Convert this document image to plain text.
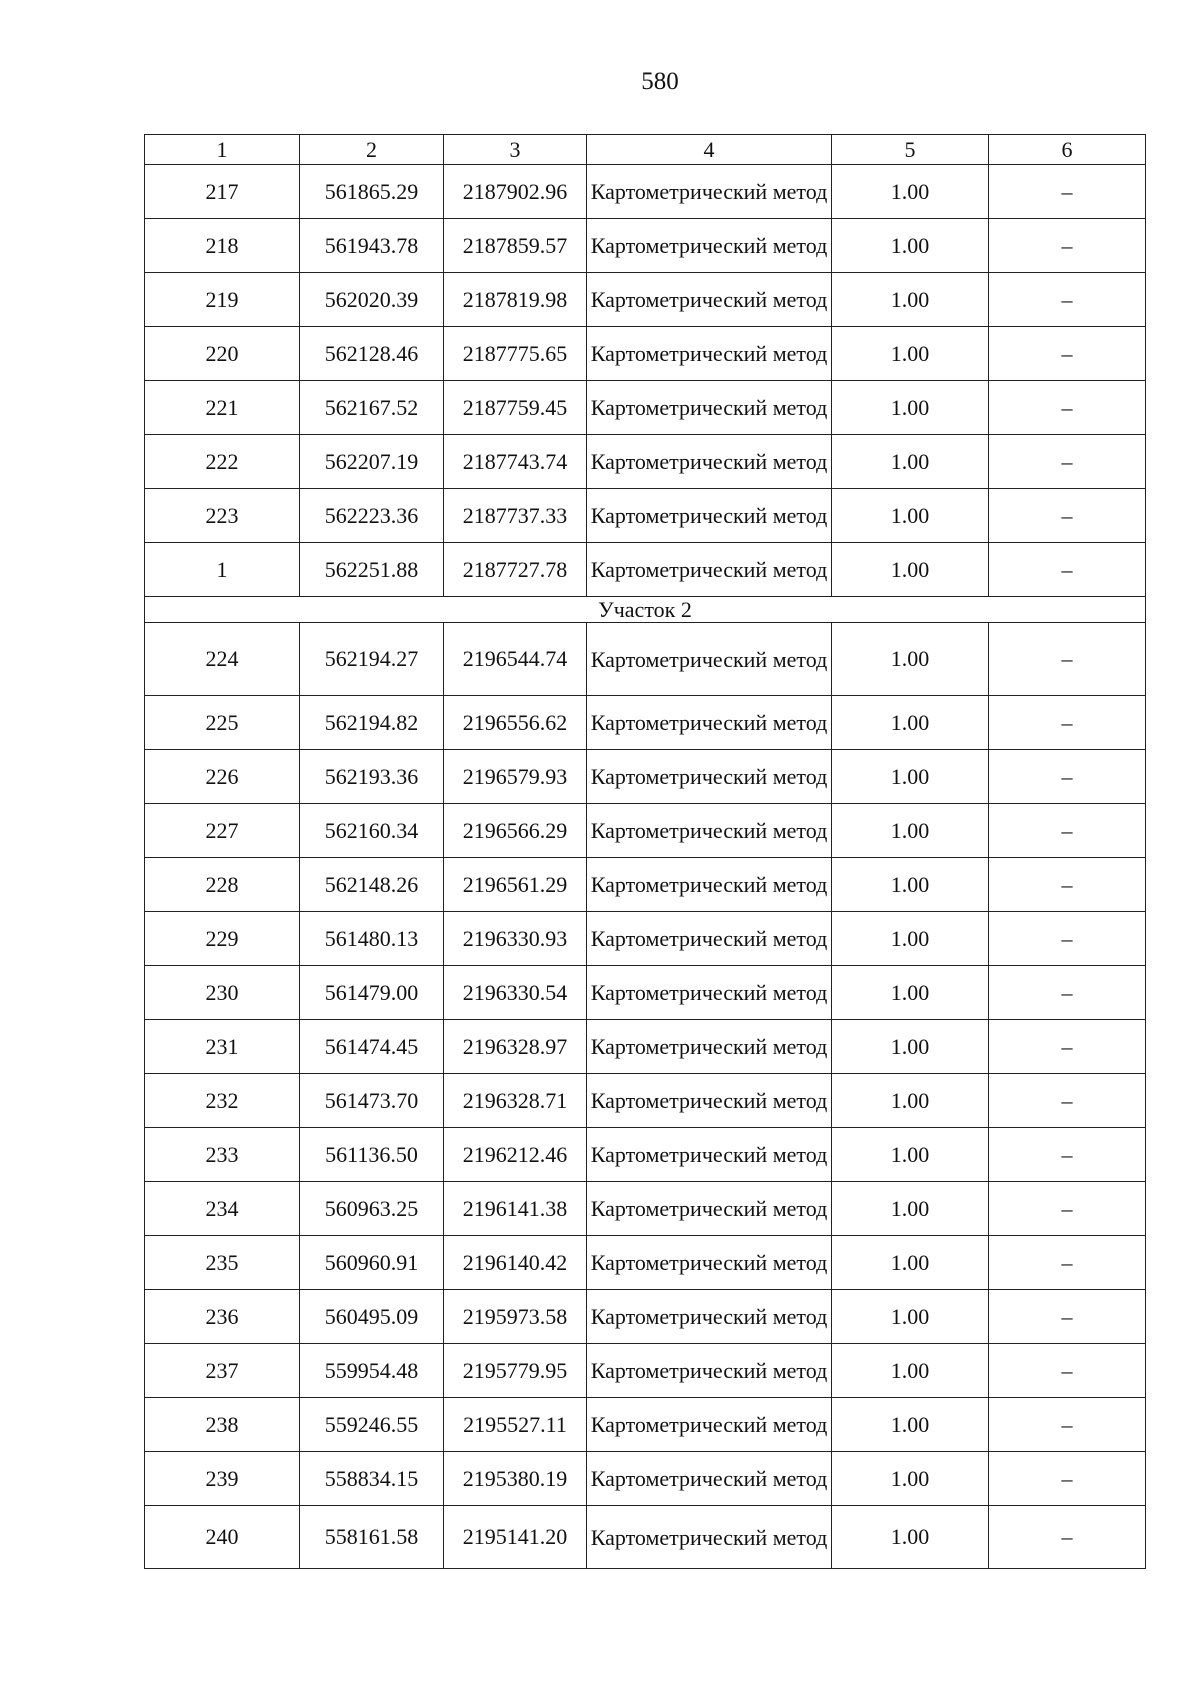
580
1	2	3	4	5	6
217	561865.29	2187902.96	Картометрический метод	1.00	–
218	561943.78	2187859.57	Картометрический метод	1.00	–
219	562020.39	2187819.98	Картометрический метод	1.00	–
220	562128.46	2187775.65	Картометрический метод	1.00	–
221	562167.52	2187759.45	Картометрический метод	1.00	–
222	562207.19	2187743.74	Картометрический метод	1.00	–
223	562223.36	2187737.33	Картометрический метод	1.00	–
1	562251.88	2187727.78	Картометрический метод	1.00	–
Участок 2					
224	562194.27	2196544.74	Картометрический метод	1.00	–
225	562194.82	2196556.62	Картометрический метод	1.00	–
226	562193.36	2196579.93	Картометрический метод	1.00	–
227	562160.34	2196566.29	Картометрический метод	1.00	–
228	562148.26	2196561.29	Картометрический метод	1.00	–
229	561480.13	2196330.93	Картометрический метод	1.00	–
230	561479.00	2196330.54	Картометрический метод	1.00	–
231	561474.45	2196328.97	Картометрический метод	1.00	–
232	561473.70	2196328.71	Картометрический метод	1.00	–
233	561136.50	2196212.46	Картометрический метод	1.00	–
234	560963.25	2196141.38	Картометрический метод	1.00	–
235	560960.91	2196140.42	Картометрический метод	1.00	–
236	560495.09	2195973.58	Картометрический метод	1.00	–
237	559954.48	2195779.95	Картометрический метод	1.00	–
238	559246.55	2195527.11	Картометрический метод	1.00	–
239	558834.15	2195380.19	Картометрический метод	1.00	–
240	558161.58	2195141.20	Картометрический метод	1.00	–
